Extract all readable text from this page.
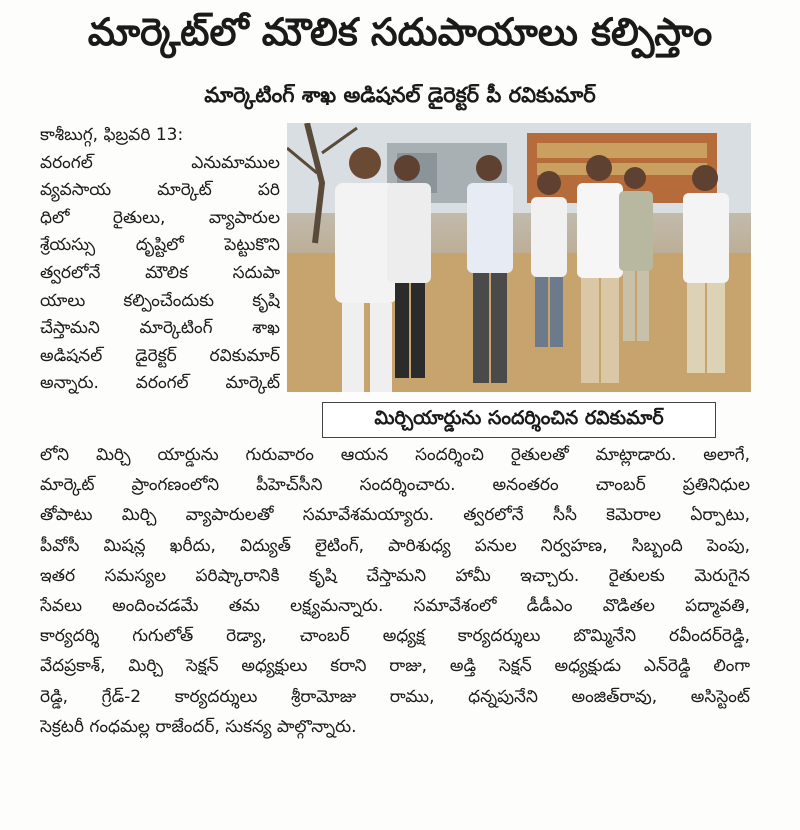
మార్కెట్‌లో మౌలిక సదుపాయాలు కల్పిస్తాం
మార్కెటింగ్‌ శాఖ అడిషనల్‌ డైరెక్టర్‌ పీ రవికుమార్‌
కాశీబుగ్గ, ఫిబ్రవరి 13:
వరంగల్‌ ఎనుమాముల
వ్యవసాయ మార్కెట్‌ పరి
ధిలో రైతులు, వ్యాపారుల
శ్రేయస్సు దృష్టిలో పెట్టుకొని
త్వరలోనే మౌలిక సదుపా
యాలు కల్పించేందుకు కృషి
చేస్తామని మార్కెటింగ్‌ శాఖ
అడిషనల్‌ డైరెక్టర్‌ రవికుమార్‌
అన్నారు. వరంగల్‌ మార్కెట్‌
మిర్చియార్డును సందర్శించిన రవికుమార్‌
లోని మిర్చి యార్డును గురువారం ఆయన సందర్శించి రైతులతో మాట్లాడారు. అలాగే,
మార్కెట్‌ ప్రాంగణంలోని పీహెచ్‌సీని సందర్శించారు. అనంతరం చాంబర్‌ ప్రతినిధుల
తోపాటు మిర్చి వ్యాపారులతో సమావేశమయ్యారు. త్వరలోనే సీసీ కెమెరాల ఏర్పాటు,
పీవోసీ మిషన్ల ఖరీదు, విద్యుత్‌ లైటింగ్‌, పారిశుధ్య పనుల నిర్వహణ, సిబ్బంది పెంపు,
ఇతర సమస్యల పరిష్కారానికి కృషి చేస్తామని హామీ ఇచ్చారు. రైతులకు మెరుగైన
సేవలు అందించడమే తమ లక్ష్యమన్నారు. సమావేశంలో డీడీఎం వొడితల పద్మావతి,
కార్యదర్శి గుగులోత్‌ రెడ్యా, చాంబర్‌ అధ్యక్ష కార్యదర్శులు బొమ్మినేని రవీందర్‌రెడ్డి,
వేదప్రకాశ్‌, మిర్చి సెక్షన్‌ అధ్యక్షులు కరాని రాజు, అడ్తి సెక్షన్‌ అధ్యక్షుడు ఎన్‌రెడ్డి లింగా
రెడ్డి, గ్రేడ్‌-2 కార్యదర్శులు శ్రీరామోజు రాము, ధన్నపునేని అంజిత్‌రావు, అసిస్టెంట్‌
సెక్రటరీ గంధమల్ల రాజేందర్‌, సుకన్య పాల్గొన్నారు.
